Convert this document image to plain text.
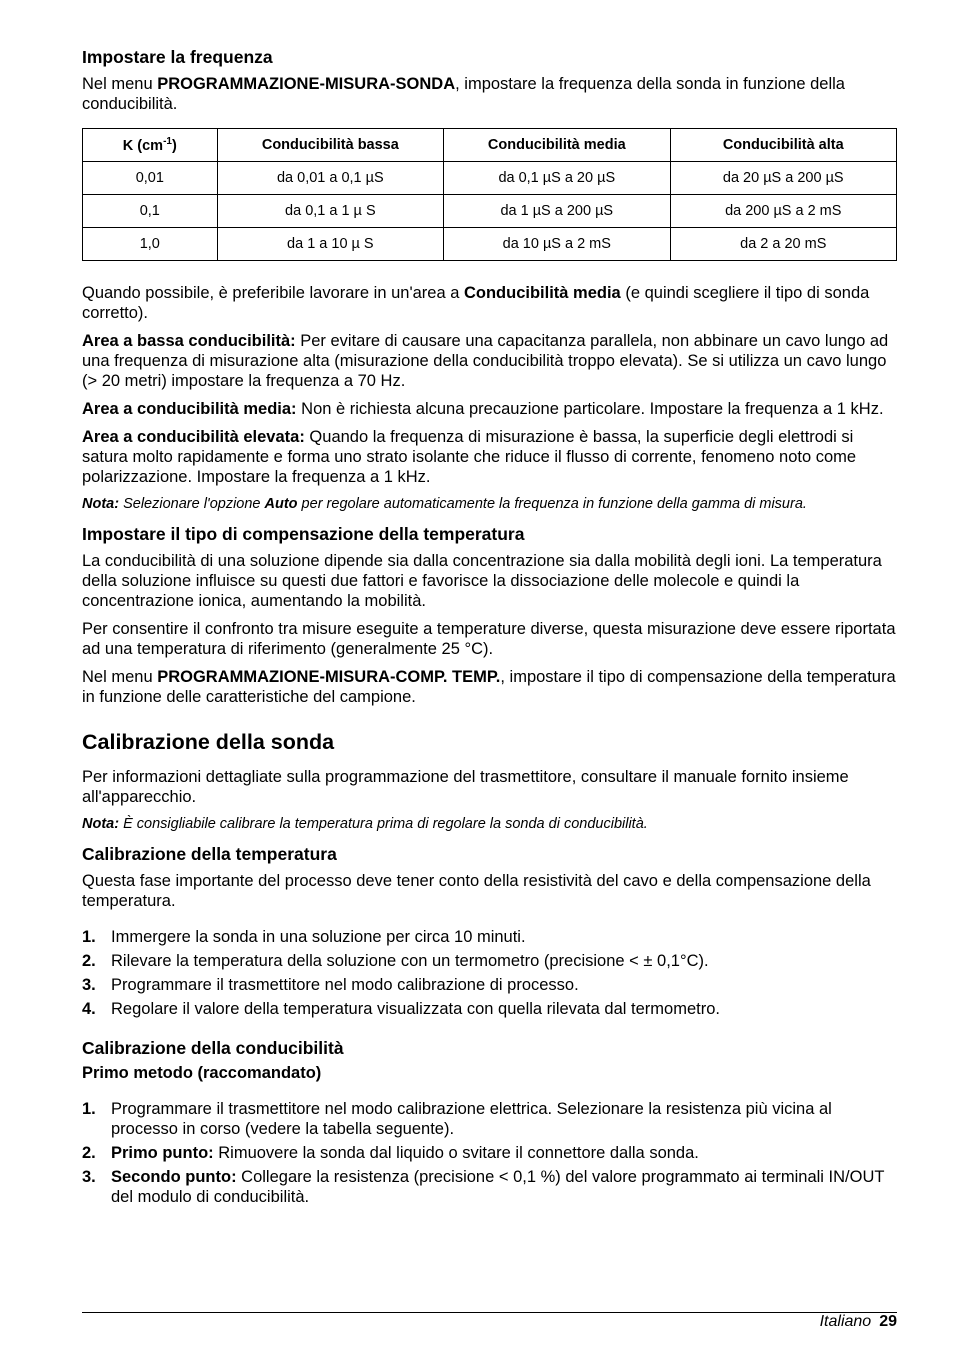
Impostare la frequenza

Nel menu PROGRAMMAZIONE-MISURA-SONDA, impostare la frequenza della sonda in funzione della conducibilità.

K $(cm^{-1})$	Conducibilità bassa	Conducibilità media	Conducibilità alta
0,01	da 0,01 a 0,1 µS	da 0,1 µS a 20 µS	da 20 µS a 200 µS
0,1	da 0,1 a 1 µ S	da 1 µS a 200 µS	da 200 µS a 2 mS
1,0	da 1 a 10 µ S	da 10 µS a 2 mS	da 2 a 20 mS

Quando possibile, è preferibile lavorare in un'area a Conducibilità media (e quindi scegliere il tipo di sonda corretto).

Area a bassa conducibilità: Per evitare di causare una capacitanza parallela, non abbinare un cavo lungo ad una frequenza di misurazione alta (misurazione della conducibilità troppo elevata). Se si utilizza un cavo lungo (> 20 metri) impostare la frequenza a 70 Hz.

Area a conducibilità media: Non è richiesta alcuna precauzione particolare. Impostare la frequenza a 1 kHz.

Area a conducibilità elevata: Quando la frequenza di misurazione è bassa, la superficie degli elettrodi si satura molto rapidamente e forma uno strato isolante che riduce il flusso di corrente, fenomeno noto come polarizzazione. Impostare la frequenza a 1 kHz.

Nota: Selezionare l'opzione Auto per regolare automaticamente la frequenza in funzione della gamma di misura.

Impostare il tipo di compensazione della temperatura

La conducibilità di una soluzione dipende sia dalla concentrazione sia dalla mobilità degli ioni. La temperatura della soluzione influisce su questi due fattori e favorisce la dissociazione delle molecole e quindi la concentrazione ionica, aumentando la mobilità.

Per consentire il confronto tra misure eseguite a temperature diverse, questa misurazione deve essere riportata ad una temperatura di riferimento (generalmente 25 °C).

Nel menu PROGRAMMAZIONE-MISURA-COMP. TEMP., impostare il tipo di compensazione della temperatura in funzione delle caratteristiche del campione.

Calibrazione della sonda

Per informazioni dettagliate sulla programmazione del trasmettitore, consultare il manuale fornito insieme all'apparecchio.

Nota: È consigliabile calibrare la temperatura prima di regolare la sonda di conducibilità.

Calibrazione della temperatura

Questa fase importante del processo deve tener conto della resistività del cavo e della compensazione della temperatura.

1. Immergere la sonda in una soluzione per circa 10 minuti.
2. Rilevare la temperatura della soluzione con un termometro (precisione < ± 0,1°C).
3. Programmare il trasmettitore nel modo calibrazione di processo.
4. Regolare il valore della temperatura visualizzata con quella rilevata dal termometro.
Calibrazione della conducibilità
Primo metodo (raccomandato)
1. Programmare il trasmettitore nel modo calibrazione elettrica. Selezionare la resistenza più vicina al processo in corso (vedere la tabella seguente).
2. Primo punto: Rimuovere la sonda dal liquido o svitare il connettore dalla sonda.
3. Secondo punto: Collegare la resistenza (precisione < 0,1 %) del valore programmato ai terminali IN/OUT del modulo di conducibilità.
Italiano 29
